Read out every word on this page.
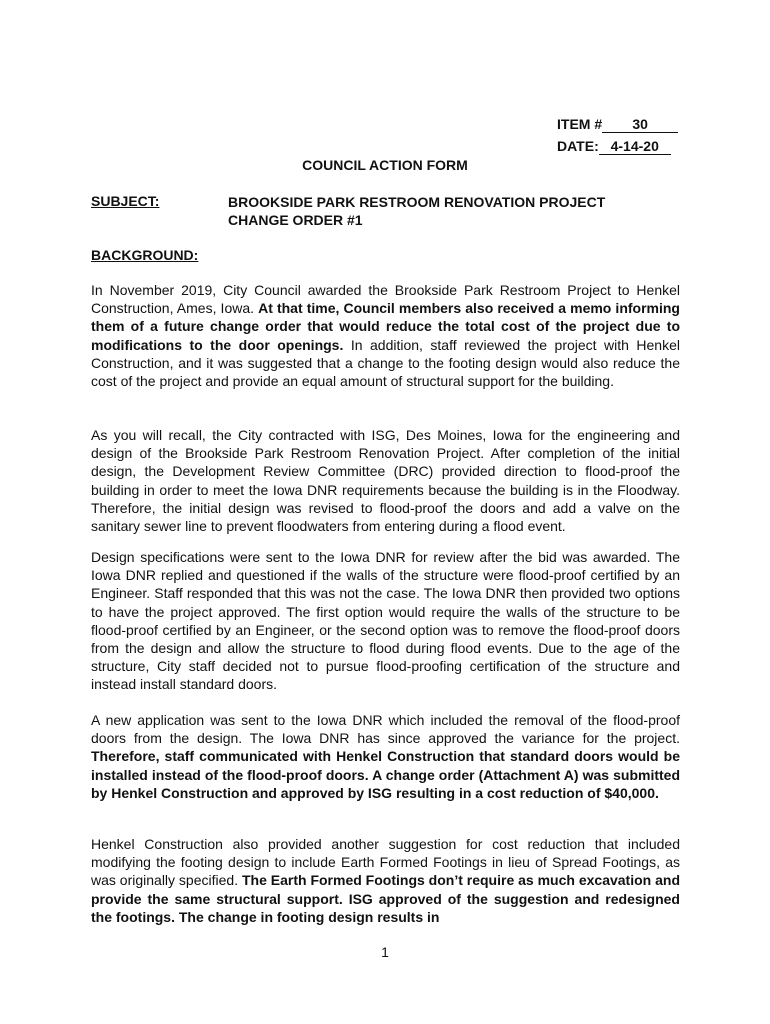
ITEM # 30
DATE: 4-14-20
COUNCIL ACTION FORM
SUBJECT:	BROOKSIDE PARK RESTROOM RENOVATION PROJECT
CHANGE ORDER #1
BACKGROUND:
In November 2019, City Council awarded the Brookside Park Restroom Project to Henkel Construction, Ames, Iowa. At that time, Council members also received a memo informing them of a future change order that would reduce the total cost of the project due to modifications to the door openings. In addition, staff reviewed the project with Henkel Construction, and it was suggested that a change to the footing design would also reduce the cost of the project and provide an equal amount of structural support for the building.
As you will recall, the City contracted with ISG, Des Moines, Iowa for the engineering and design of the Brookside Park Restroom Renovation Project. After completion of the initial design, the Development Review Committee (DRC) provided direction to flood-proof the building in order to meet the Iowa DNR requirements because the building is in the Floodway. Therefore, the initial design was revised to flood-proof the doors and add a valve on the sanitary sewer line to prevent floodwaters from entering during a flood event.
Design specifications were sent to the Iowa DNR for review after the bid was awarded. The Iowa DNR replied and questioned if the walls of the structure were flood-proof certified by an Engineer. Staff responded that this was not the case. The Iowa DNR then provided two options to have the project approved. The first option would require the walls of the structure to be flood-proof certified by an Engineer, or the second option was to remove the flood-proof doors from the design and allow the structure to flood during flood events. Due to the age of the structure, City staff decided not to pursue flood-proofing certification of the structure and instead install standard doors.
A new application was sent to the Iowa DNR which included the removal of the flood-proof doors from the design. The Iowa DNR has since approved the variance for the project. Therefore, staff communicated with Henkel Construction that standard doors would be installed instead of the flood-proof doors. A change order (Attachment A) was submitted by Henkel Construction and approved by ISG resulting in a cost reduction of $40,000.
Henkel Construction also provided another suggestion for cost reduction that included modifying the footing design to include Earth Formed Footings in lieu of Spread Footings, as was originally specified. The Earth Formed Footings don’t require as much excavation and provide the same structural support. ISG approved of the suggestion and redesigned the footings. The change in footing design results in
1
